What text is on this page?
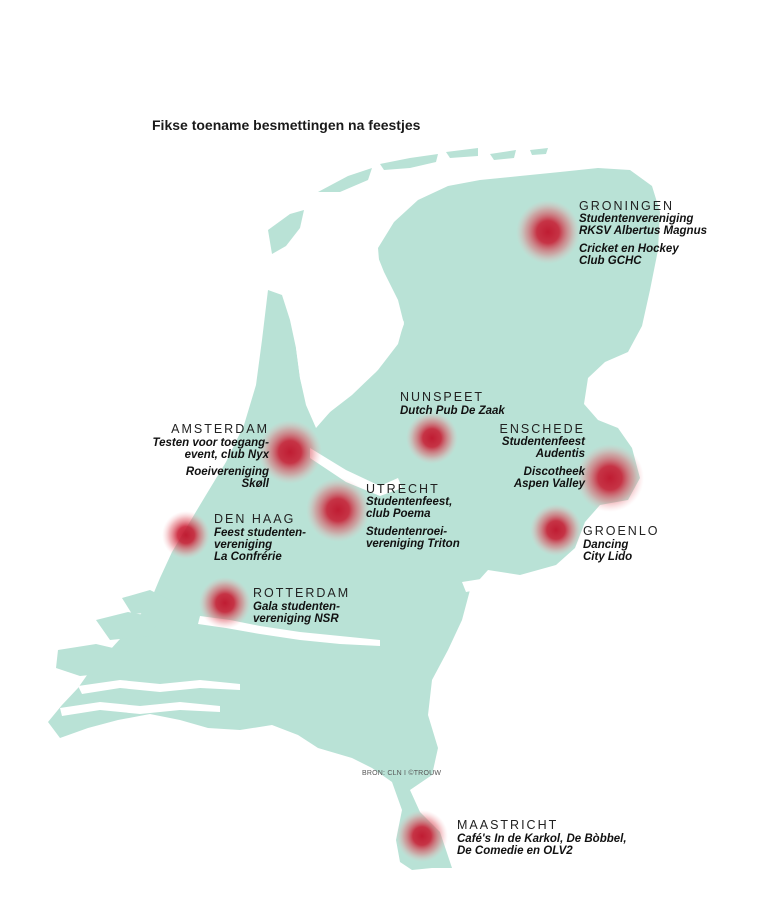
Fikse toename besmettingen na feestjes
GRONINGEN
Studentenvereniging
RKSV Albertus Magnus
Cricket en Hockey
Club GCHC
NUNSPEET
Dutch Pub De Zaak
AMSTERDAM
Testen voor toegang-
event, club Nyx
Roeivereniging
Skøll
ENSCHEDE
Studentenfeest
Audentis
Discotheek
Aspen Valley
UTRECHT
Studentenfeest,
club Poema
Studentenroei-
vereniging Triton
DEN HAAG
Feest studenten-
vereniging
La Confrérie
GROENLO
Dancing
City Lido
ROTTERDAM
Gala studenten-
vereniging NSR
BRON: CLN I ©TROUW
MAASTRICHT
Café's In de Karkol, De Bòbbel,
De Comedie en OLV2
